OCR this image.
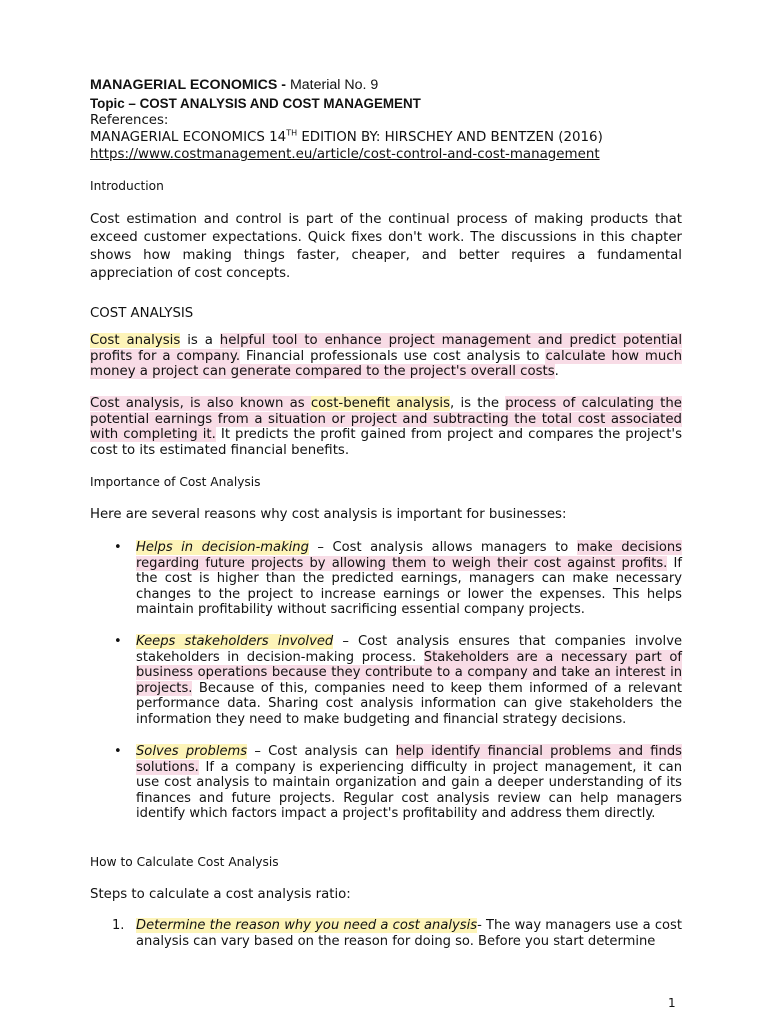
MANAGERIAL ECONOMICS - Material No. 9
Topic – COST ANALYSIS AND COST MANAGEMENT
References:
MANAGERIAL ECONOMICS 14TH EDITION BY: HIRSCHEY AND BENTZEN (2016)
https://www.costmanagement.eu/article/cost-control-and-cost-management
Introduction
Cost estimation and control is part of the continual process of making products that exceed customer expectations. Quick fixes don't work. The discussions in this chapter shows how making things faster, cheaper, and better requires a fundamental appreciation of cost concepts.
COST ANALYSIS
Cost analysis is a helpful tool to enhance project management and predict potential profits for a company. Financial professionals use cost analysis to calculate how much money a project can generate compared to the project's overall costs.
Cost analysis, is also known as cost-benefit analysis, is the process of calculating the potential earnings from a situation or project and subtracting the total cost associated with completing it. It predicts the profit gained from project and compares the project's cost to its estimated financial benefits.
Importance of Cost Analysis
Here are several reasons why cost analysis is important for businesses:
• Helps in decision-making – Cost analysis allows managers to make decisions regarding future projects by allowing them to weigh their cost against profits. If the cost is higher than the predicted earnings, managers can make necessary changes to the project to increase earnings or lower the expenses. This helps maintain profitability without sacrificing essential company projects.
• Keeps stakeholders involved – Cost analysis ensures that companies involve stakeholders in decision-making process. Stakeholders are a necessary part of business operations because they contribute to a company and take an interest in projects. Because of this, companies need to keep them informed of a relevant performance data. Sharing cost analysis information can give stakeholders the information they need to make budgeting and financial strategy decisions.
• Solves problems – Cost analysis can help identify financial problems and finds solutions. If a company is experiencing difficulty in project management, it can use cost analysis to maintain organization and gain a deeper understanding of its finances and future projects. Regular cost analysis review can help managers identify which factors impact a project's profitability and address them directly.
How to Calculate Cost Analysis
Steps to calculate a cost analysis ratio:
1. Determine the reason why you need a cost analysis- The way managers use a cost analysis can vary based on the reason for doing so. Before you start determine
1
